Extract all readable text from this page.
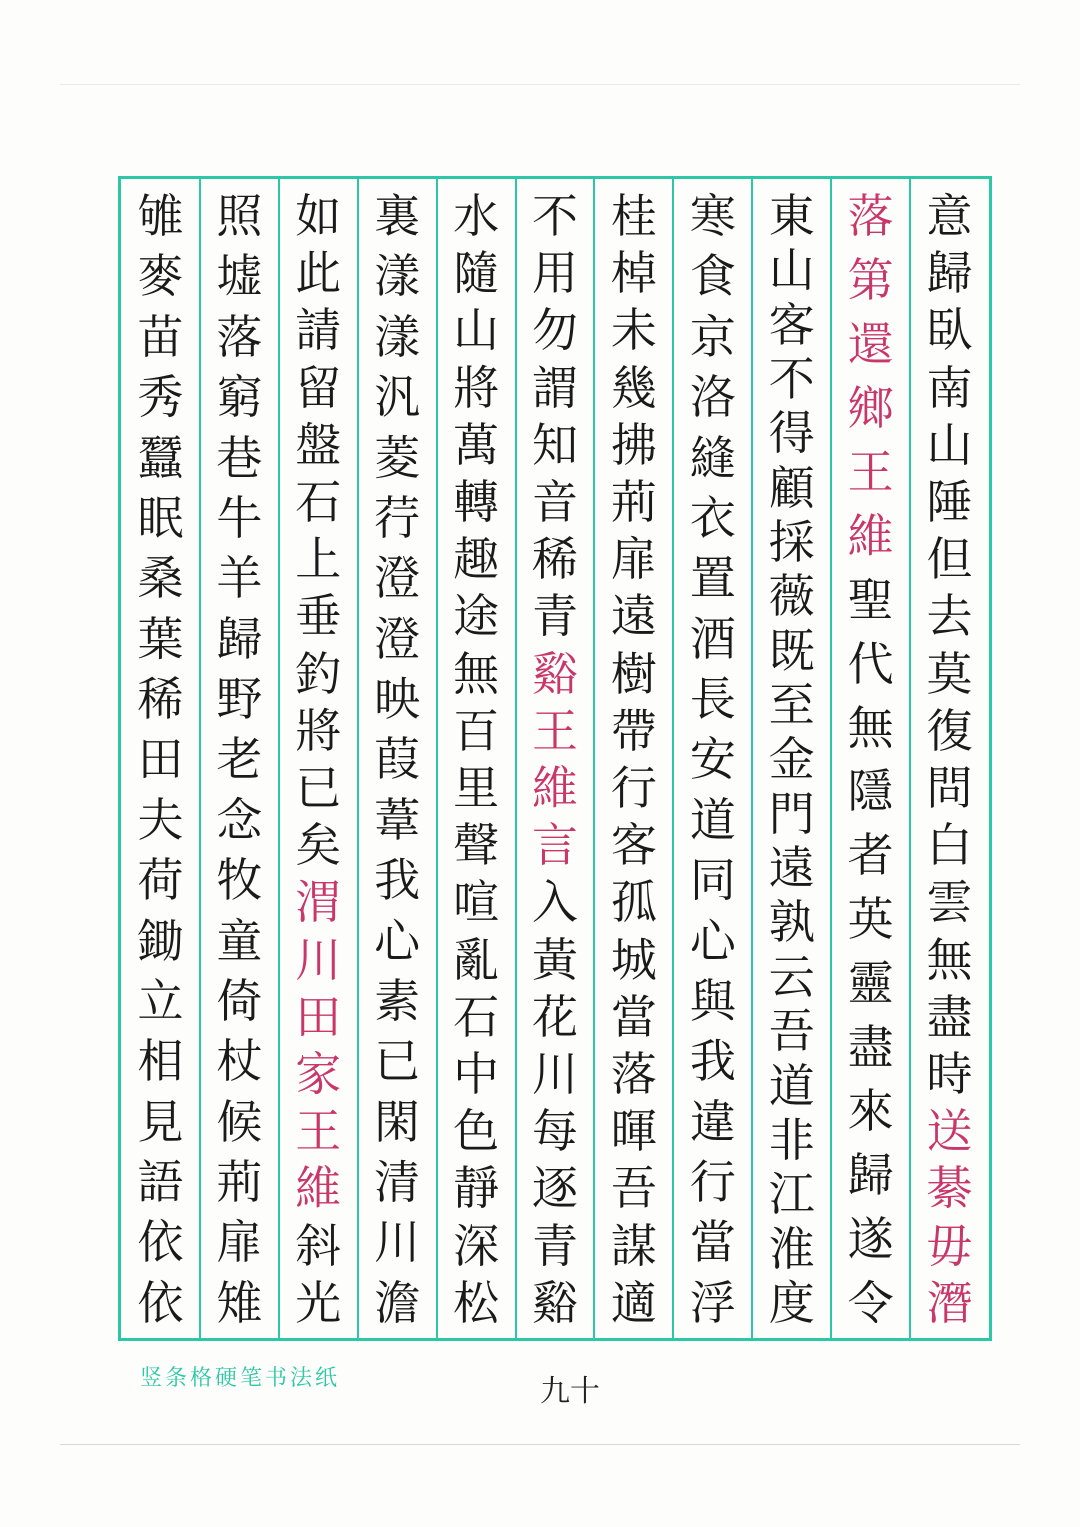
意
歸
臥
南
山
陲
但
去
莫
復
問
白
雲
無
盡
時
送
綦
毋
潛
落
第
還
鄉
王
維
聖
代
無
隱
者
英
靈
盡
來
歸
遂
令
東
山
客
不
得
顧
採
薇
既
至
金
門
遠
孰
云
吾
道
非
江
淮
度
寒
食
京
洛
縫
衣
置
酒
長
安
道
同
心
與
我
違
行
當
浮
桂
棹
未
幾
拂
荊
扉
遠
樹
帶
行
客
孤
城
當
落
暉
吾
謀
適
不
用
勿
謂
知
音
稀
青
谿
王
維
言
入
黃
花
川
每
逐
青
谿
水
隨
山
將
萬
轉
趣
途
無
百
里
聲
喧
亂
石
中
色
靜
深
松
裏
漾
漾
汎
菱
荇
澄
澄
映
葭
葦
我
心
素
已
閑
清
川
澹
如
此
請
留
盤
石
上
垂
釣
將
已
矣
渭
川
田
家
王
維
斜
光
照
墟
落
窮
巷
牛
羊
歸
野
老
念
牧
童
倚
杖
候
荊
扉
雉
雊
麥
苗
秀
蠶
眠
桑
葉
稀
田
夫
荷
鋤
立
相
見
語
依
依
竖条格硬笔书法纸	九十
